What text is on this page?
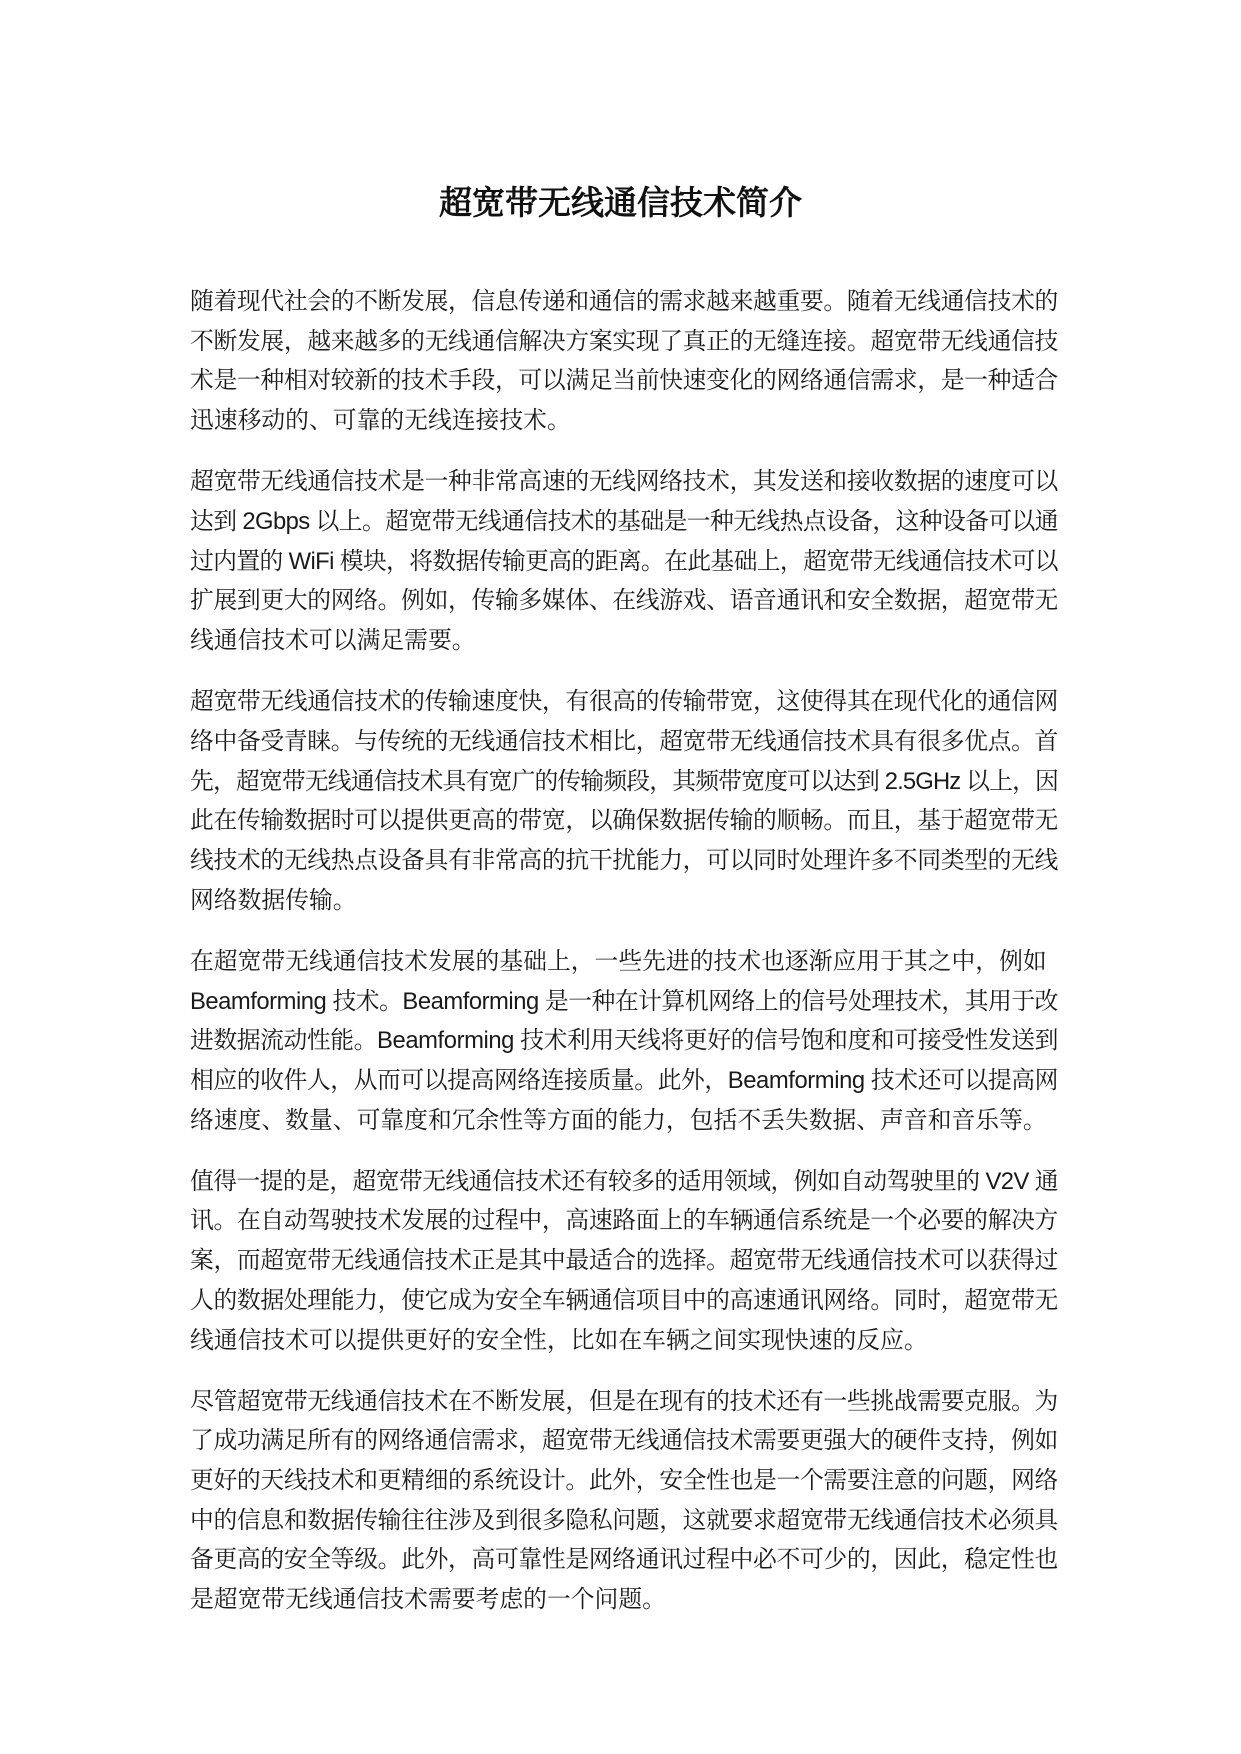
超宽带无线通信技术简介
随着现代社会的不断发展，信息传递和通信的需求越来越重要。随着无线通信技术的
不断发展，越来越多的无线通信解决方案实现了真正的无缝连接。超宽带无线通信技
术是一种相对较新的技术手段，可以满足当前快速变化的网络通信需求，是一种适合
迅速移动的、可靠的无线连接技术。
超宽带无线通信技术是一种非常高速的无线网络技术，其发送和接收数据的速度可以
达到 2Gbps 以上。超宽带无线通信技术的基础是一种无线热点设备，这种设备可以通
过内置的 WiFi 模块，将数据传输更高的距离。在此基础上，超宽带无线通信技术可以
扩展到更大的网络。例如，传输多媒体、在线游戏、语音通讯和安全数据，超宽带无
线通信技术可以满足需要。
超宽带无线通信技术的传输速度快，有很高的传输带宽，这使得其在现代化的通信网
络中备受青睐。与传统的无线通信技术相比，超宽带无线通信技术具有很多优点。首
先，超宽带无线通信技术具有宽广的传输频段，其频带宽度可以达到 2.5GHz 以上，因
此在传输数据时可以提供更高的带宽，以确保数据传输的顺畅。而且，基于超宽带无
线技术的无线热点设备具有非常高的抗干扰能力，可以同时处理许多不同类型的无线
网络数据传输。
在超宽带无线通信技术发展的基础上，一些先进的技术也逐渐应用于其之中，例如
Beamforming 技术。Beamforming 是一种在计算机网络上的信号处理技术，其用于改
进数据流动性能。Beamforming 技术利用天线将更好的信号饱和度和可接受性发送到
相应的收件人，从而可以提高网络连接质量。此外，Beamforming 技术还可以提高网
络速度、数量、可靠度和冗余性等方面的能力，包括不丢失数据、声音和音乐等。
值得一提的是，超宽带无线通信技术还有较多的适用领域，例如自动驾驶里的 V2V 通
讯。在自动驾驶技术发展的过程中，高速路面上的车辆通信系统是一个必要的解决方
案，而超宽带无线通信技术正是其中最适合的选择。超宽带无线通信技术可以获得过
人的数据处理能力，使它成为安全车辆通信项目中的高速通讯网络。同时，超宽带无
线通信技术可以提供更好的安全性，比如在车辆之间实现快速的反应。
尽管超宽带无线通信技术在不断发展，但是在现有的技术还有一些挑战需要克服。为
了成功满足所有的网络通信需求，超宽带无线通信技术需要更强大的硬件支持，例如
更好的天线技术和更精细的系统设计。此外，安全性也是一个需要注意的问题，网络
中的信息和数据传输往往涉及到很多隐私问题，这就要求超宽带无线通信技术必须具
备更高的安全等级。此外，高可靠性是网络通讯过程中必不可少的，因此，稳定性也
是超宽带无线通信技术需要考虑的一个问题。
